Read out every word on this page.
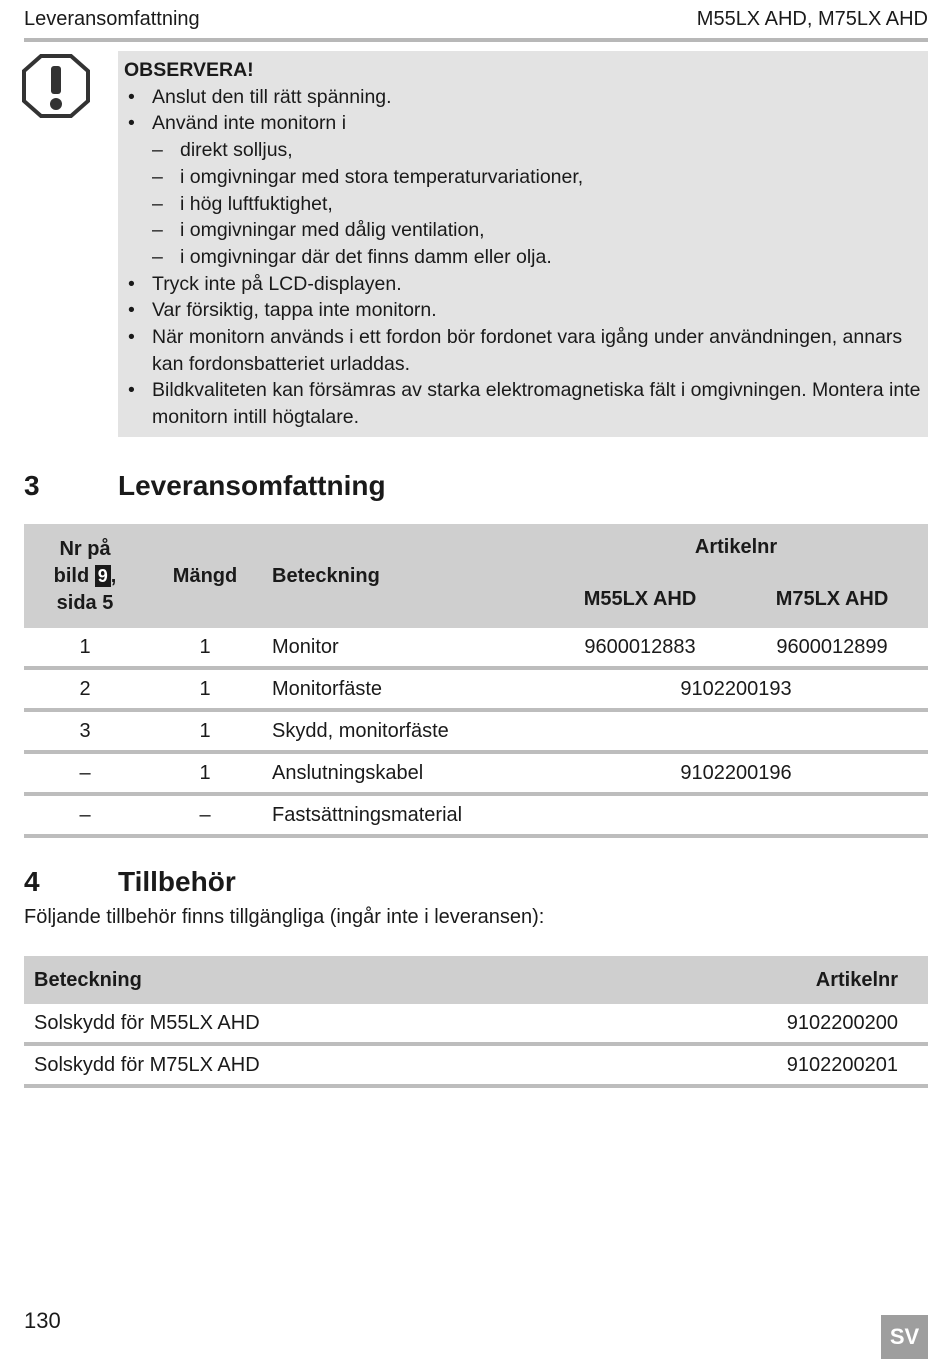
Leveransomfattning	M55LX AHD, M75LX AHD
OBSERVERA!
• Anslut den till rätt spänning.
• Använd inte monitorn i
– direkt solljus,
– i omgivningar med stora temperaturvariationer,
– i hög luftfuktighet,
– i omgivningar med dålig ventilation,
– i omgivningar där det finns damm eller olja.
• Tryck inte på LCD-displayen.
• Var försiktig, tappa inte monitorn.
• När monitorn används i ett fordon bör fordonet vara igång under användningen, annars kan fordonsbatteriet urladdas.
• Bildkvaliteten kan försämras av starka elektromagnetiska fält i omgivningen. Montera inte monitorn intill högtalare.
3	Leveransomfattning
Nr på
bild 9 ,
sida 5	Mängd	Beteckning	Artikelnr	
			M55LX AHD	M75LX AHD
1	1	Monitor	9600012883	9600012899
2	1	Monitorfäste	9102200193	
3	1	Skydd, monitorfäste		
–	1	Anslutningskabel	9102200196	
–	–	Fastsättningsmaterial		
4	Tillbehör
Följande tillbehör finns tillgängliga (ingår inte i leveransen):
Beteckning	Artikelnr
Solskydd för M55LX AHD	9102200200
Solskydd för M75LX AHD	9102200201
130
SV
